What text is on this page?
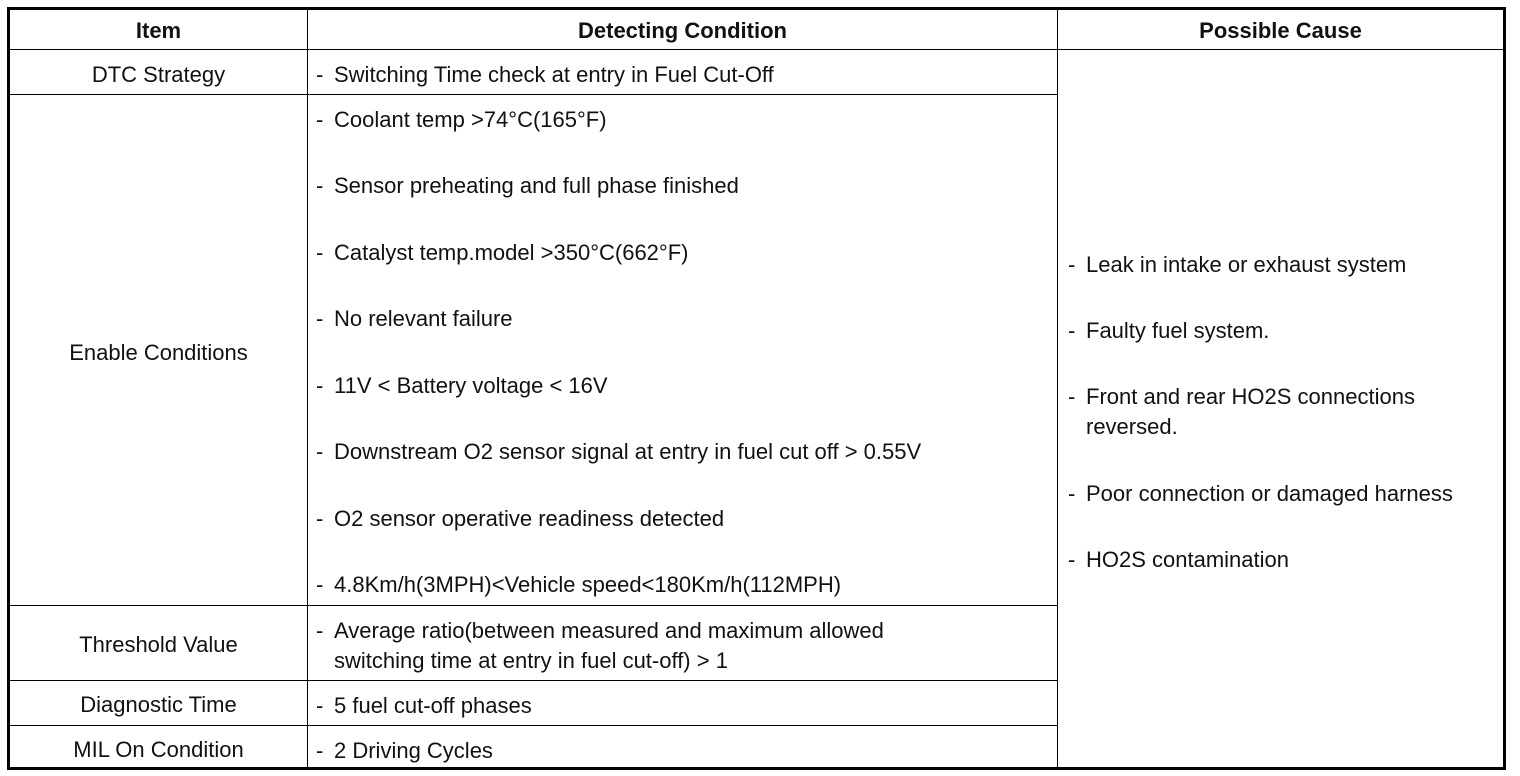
Item	Detecting Condition	Possible Cause
DTC Strategy
Enable Conditions
Threshold Value
Diagnostic Time
MIL On Condition
- Switching Time check at entry in Fuel Cut-Off
- Coolant temp >74°C(165°F)
- Sensor preheating and full phase finished
- Catalyst temp.model >350°C(662°F)
- No relevant failure
- 11V < Battery voltage < 16V
- Downstream O2 sensor signal at entry in fuel cut off > 0.55V
- O2 sensor operative readiness detected
- 4.8Km/h(3MPH)<Vehicle speed<180Km/h(112MPH)
- Average ratio(between measured and maximum allowed
switching time at entry in fuel cut-off) > 1
- 5 fuel cut-off phases
- 2 Driving Cycles
- Leak in intake or exhaust system
- Faulty fuel system.
- Front and rear HO2S connections
reversed.
- Poor connection or damaged harness
- HO2S contamination
